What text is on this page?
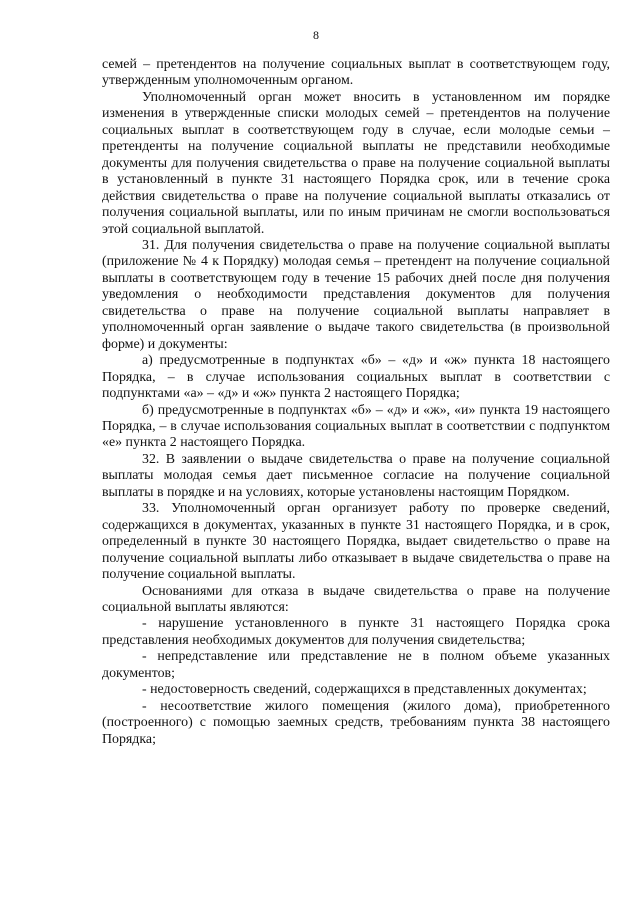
8

семей – претендентов на получение социальных выплат в соответствующем году, утвержденным уполномоченным органом.

Уполномоченный орган может вносить в установленном им порядке изменения в утвержденные списки молодых семей – претендентов на получение социальных выплат в соответствующем году в случае, если молодые семьи – претенденты на получение социальной выплаты не представили необходимые документы для получения свидетельства о праве на получение социальной выплаты в установленный в пункте 31 настоящего Порядка срок, или в течение срока действия свидетельства о праве на получение социальной выплаты отказались от получения социальной выплаты, или по иным причинам не смогли воспользоваться этой социальной выплатой.

31. Для получения свидетельства о праве на получение социальной выплаты (приложение № 4 к Порядку) молодая семья – претендент на получение социальной выплаты в соответствующем году в течение 15 рабочих дней после дня получения уведомления о необходимости представления документов для получения свидетельства о праве на получение социальной выплаты направляет в уполномоченный орган заявление о выдаче такого свидетельства (в произвольной форме) и документы:

а) предусмотренные в подпунктах «б» – «д» и «ж» пункта 18 настоящего Порядка, – в случае использования социальных выплат в соответствии с подпунктами «а» – «д» и «ж» пункта 2 настоящего Порядка;

б) предусмотренные в подпунктах «б» – «д» и «ж», «и» пункта 19 настоящего Порядка, – в случае использования социальных выплат в соответствии с подпунктом «е» пункта 2 настоящего Порядка.

32. В заявлении о выдаче свидетельства о праве на получение социальной выплаты молодая семья дает письменное согласие на получение социальной выплаты в порядке и на условиях, которые установлены настоящим Порядком.

33. Уполномоченный орган организует работу по проверке сведений, содержащихся в документах, указанных в пункте 31 настоящего Порядка, и в срок, определенный в пункте 30 настоящего Порядка, выдает свидетельство о праве на получение социальной выплаты либо отказывает в выдаче свидетельства о праве на получение социальной выплаты.

Основаниями для отказа в выдаче свидетельства о праве на получение социальной выплаты являются:

- нарушение установленного в пункте 31 настоящего Порядка срока представления необходимых документов для получения свидетельства;

- непредставление или представление не в полном объеме указанных документов;

- недостоверность сведений, содержащихся в представленных документах;

- несоответствие жилого помещения (жилого дома), приобретенного (построенного) с помощью заемных средств, требованиям пункта 38 настоящего Порядка;
